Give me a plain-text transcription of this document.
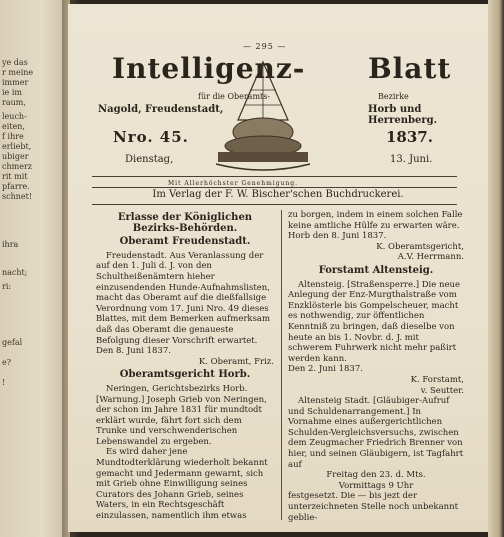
ye das
r meine
immer
ie im
raum,
leuch-
eiten,
f ihre
erliebt,
ubiger
chmerz
rit mit
pfarre.
schnet!
ihra
nacht;
ri:
gefal
e?
!
— 295 —
Intelligenz- Blatt
für die Oberamts-	Bezirke
Nagold, Freudenstadt,	Horb und Herrenberg.
Nro. 45.	1837.
Dienstag,	13. Juni.
Mit Allerhöchster Genehmigung.
Im Verlag der F. W. Bischer'schen Buchdruckerei.

Erlasse der Königlichen Bezirks-Behörden.

Oberamt Freudenstadt.

Freudenstadt. Aus Veranlassung der auf den 1. Juli d. J. von den Schultheißenämtern hieher einzusendenden Hunde-Aufnahmslisten, macht das Oberamt auf die dießfallsige Verordnung vom 17. Juni Nro. 49 dieses Blattes, mit dem Bemerken aufmerksam daß das Oberamt die genaueste Befolgung dieser Vorschrift erwartet.

Den 8. Juni 1837.

K. Oberamt, Friz.

Oberamtsgericht Horb.

Neringen, Gerichtsbezirks Horb. [Warnung.] Joseph Grieb von Neringen, der schon im Jahre 1831 für mundtodt erklärt wurde, fährt fort sich dem Trunke und verschwenderischen Lebenswandel zu ergeben.

Es wird daher jene Mundtodterklärung wiederholt bekannt gemacht und Jedermann gewarnt, sich mit Grieb ohne Einwilligung seines Curators des Johann Grieb, seines Waters, in ein Rechtsgeschäft einzulassen, namentlich ihm etwas

zu borgen, indem in einem solchen Falle keine amtliche Hülfe zu erwarten wäre.

Horb den 8. Juni 1837.

K. Oberamtsgericht,

A.V. Herrmann.

Forstamt Altensteig.

Altensteig. [Straßensperre.] Die neue Anlegung der Enz-Murgthalstraße vom Enzklösterle bis Gompelscheuer, macht es nothwendig, zur öffentlichen Kenntniß zu bringen, daß dieselbe von heute an bis 1. Novbr. d. J. mit schwerem Fuhrwerk nicht mehr paßirt werden kann.

Den 2. Juni 1837.

K. Forstamt,

v. Seutter.

Altensteig Stadt. [Gläubiger-Aufruf und Schuldenarrangement.] In Vornahme eines außergerichtlichen Schulden-Vergleichsversuchs, zwischen dem Zeugmacher Friedrich Brenner von hier, und seinen Gläubigern, ist Tagfahrt auf

Freitag den 23. d. Mts.

Vormittags 9 Uhr

festgesetzt. Die — bis jezt der unterzeichneten Stelle noch unbekannt geblie-
